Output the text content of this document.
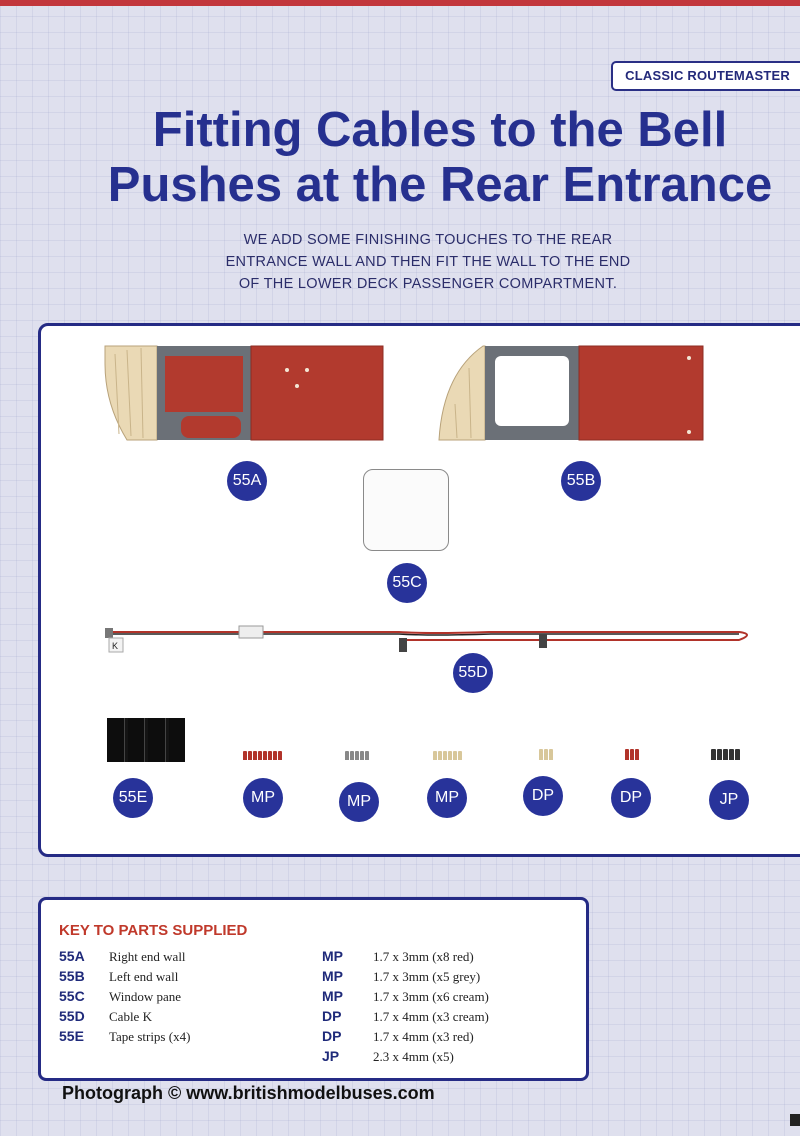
CLASSIC ROUTEMASTER
Fitting Cables to the Bell
Pushes at the Rear Entrance
WE ADD SOME FINISHING TOUCHES TO THE REAR
ENTRANCE WALL AND THEN FIT THE WALL TO THE END
OF THE LOWER DECK PASSENGER COMPARTMENT.
K
55A	55B
55C
55D
55E	MP	MP	MP	DP	DP	JP
KEY TO PARTS SUPPLIED
55A Right end wall
55B Left end wall
55C Window pane
55D Cable K
55E Tape strips (x4)
MP 1.7 x 3mm (x8 red)
MP 1.7 x 3mm (x5 grey)
MP 1.7 x 3mm (x6 cream)
DP 1.7 x 4mm (x3 cream)
DP 1.7 x 4mm (x3 red)
JP	2.3 x 4mm (x5)
Photograph © www.britishmodelbuses.com
